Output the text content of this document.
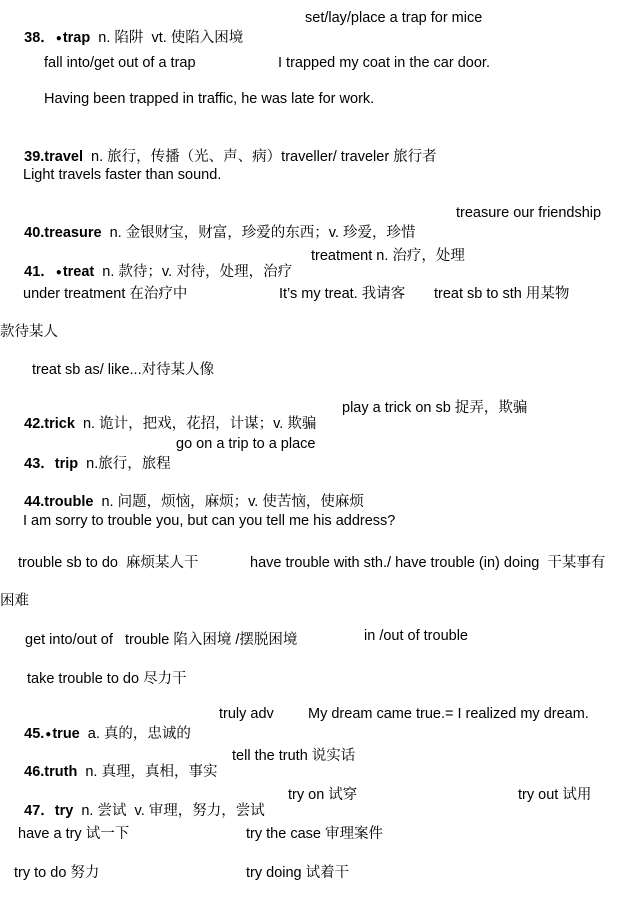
38．●trap  n. 陷阱  vt. 使陷入困境

set/lay/place a trap for mice
fall into/get out of a trap	I trapped my coat in the car door.
Having been trapped in traffic, he was late for work.

39.travel  n. 旅行，传播（光、声、病）traveller/ traveler 旅行者

Light travels faster than sound.

40.treasure  n. 金银财宝，财富，珍爱的东西；v. 珍爱，珍惜

treasure our friendship

41．●treat  n. 款待；v. 对待，处理，治疗

treatment n. 治疗，处理
under treatment 在治疗中	It’s my treat. 我请客 treat sb to sth 用某物
款待某人
treat sb as/ like...对待某人像

42.trick  n. 诡计，把戏，花招，计谋；v. 欺骗

play a trick on sb 捉弄，欺骗

43．trip  n.旅行，旅程

go on a trip to a place

44.trouble  n. 问题，烦恼，麻烦；v. 使苦恼，使麻烦

I am sorry to trouble you, but can you tell me his address?
trouble sb to do  麻烦某人干	have trouble with sth./ have trouble (in) doing  干某事有
困难
get into/out of   trouble 陷入困境 /摆脱困境	in /out of trouble
take trouble to do 尽力干

45.●true  a. 真的，忠诚的

truly adv My dream came true.= I realized my dream.

46.truth  n. 真理，真相，事实

tell the truth 说实话

47．try  n. 尝试  v. 审理，努力，尝试

try on 试穿	try out 试用
have a try 试一下	try the case 审理案件
try to do 努力	try doing 试着干
